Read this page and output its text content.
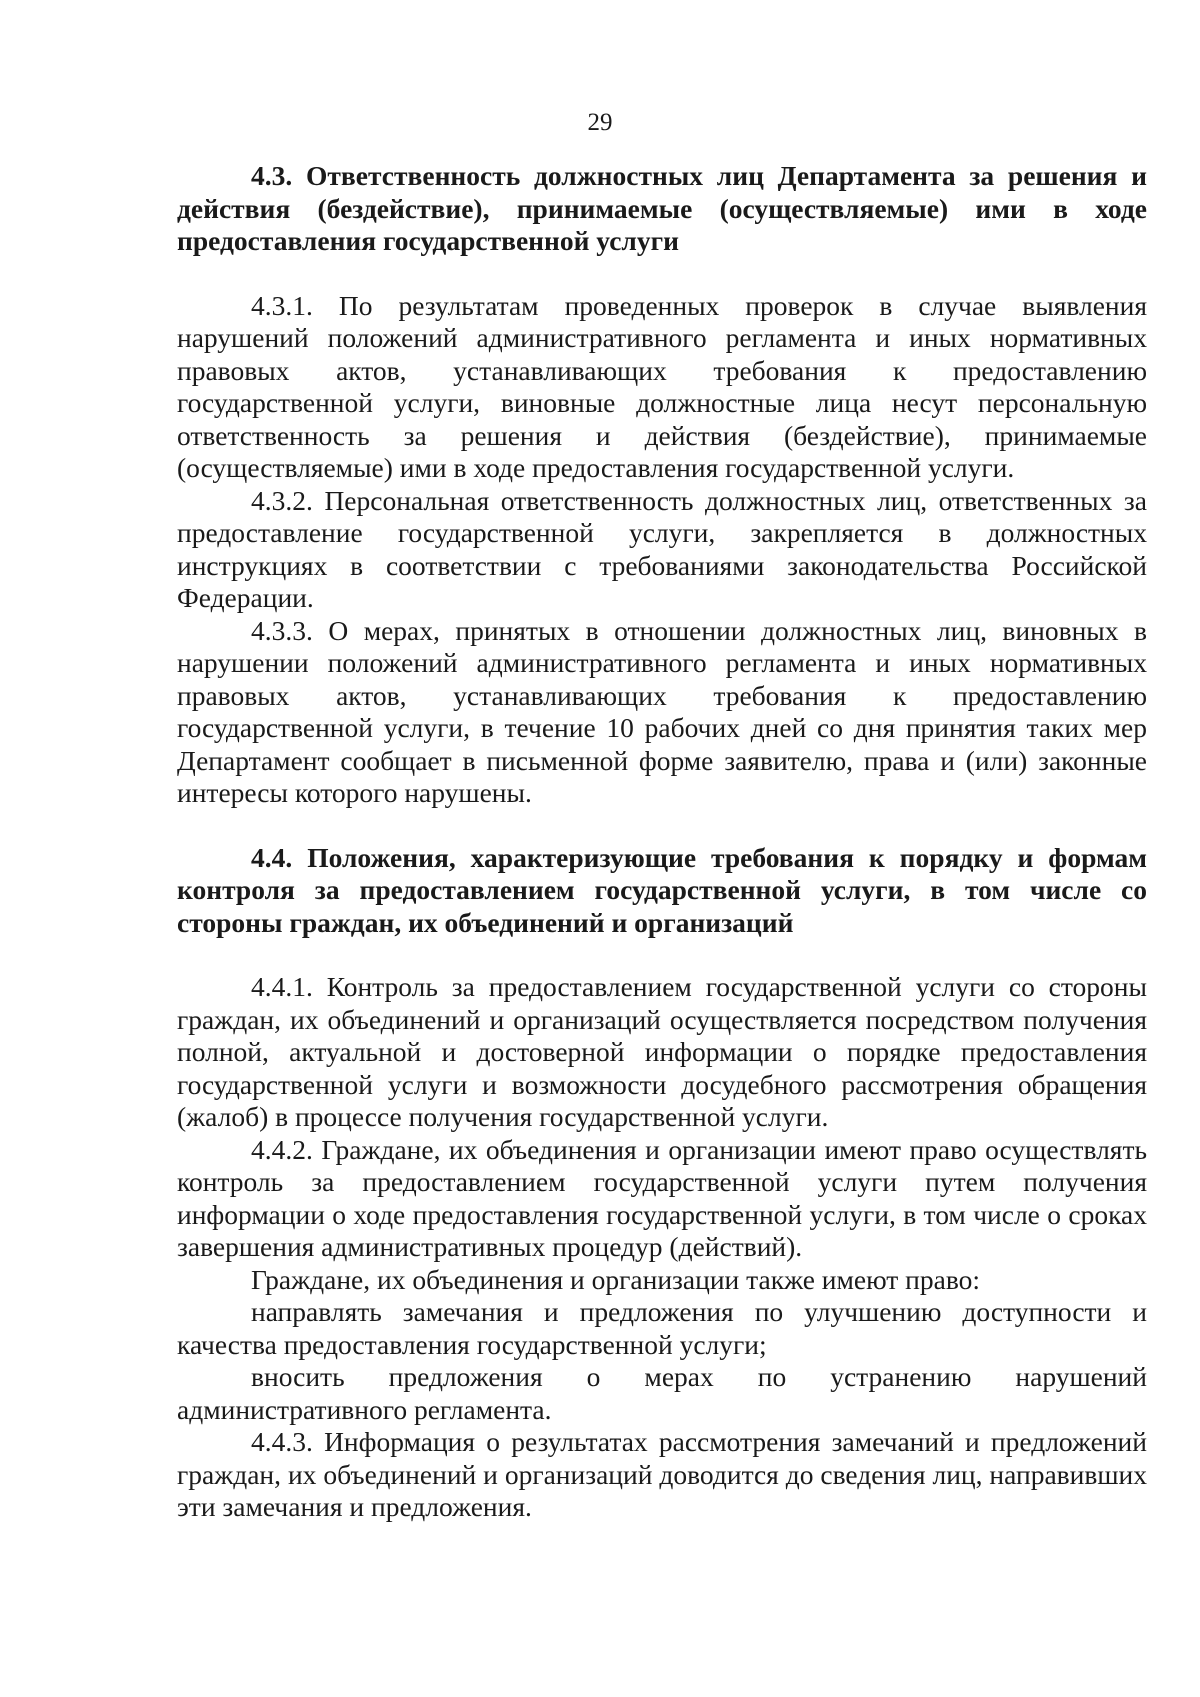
29
4.3. Ответственность должностных лиц Департамента за решения и действия (бездействие), принимаемые (осуществляемые) ими в ходе предоставления государственной услуги

4.3.1. По результатам проведенных проверок в случае выявления нарушений положений административного регламента и иных нормативных правовых актов, устанавливающих требования к предоставлению государственной услуги, виновные должностные лица несут персональную ответственность за решения и действия (бездействие), принимаемые (осуществляемые) ими в ходе предоставления государственной услуги.

4.3.2. Персональная ответственность должностных лиц, ответственных за предоставление государственной услуги, закрепляется в должностных инструкциях в соответствии с требованиями законодательства Российской Федерации.

4.3.3. О мерах, принятых в отношении должностных лиц, виновных в нарушении положений административного регламента и иных нормативных правовых актов, устанавливающих требования к предоставлению государственной услуги, в течение 10 рабочих дней со дня принятия таких мер Департамент сообщает в письменной форме заявителю, права и (или) законные интересы которого нарушены.

4.4. Положения, характеризующие требования к порядку и формам контроля за предоставлением государственной услуги, в том числе со стороны граждан, их объединений и организаций

4.4.1. Контроль за предоставлением государственной услуги со стороны граждан, их объединений и организаций осуществляется посредством получения полной, актуальной и достоверной информации о порядке предоставления государственной услуги и возможности досудебного рассмотрения обращения (жалоб) в процессе получения государственной услуги.

4.4.2. Граждане, их объединения и организации имеют право осуществлять контроль за предоставлением государственной услуги путем получения информации о ходе предоставления государственной услуги, в том числе о сроках завершения административных процедур (действий).

Граждане, их объединения и организации также имеют право:

направлять замечания и предложения по улучшению доступности и качества предоставления государственной услуги;

вносить предложения о мерах по устранению нарушений административного регламента.

4.4.3. Информация о результатах рассмотрения замечаний и предложений граждан, их объединений и организаций доводится до сведения лиц, направивших эти замечания и предложения.
